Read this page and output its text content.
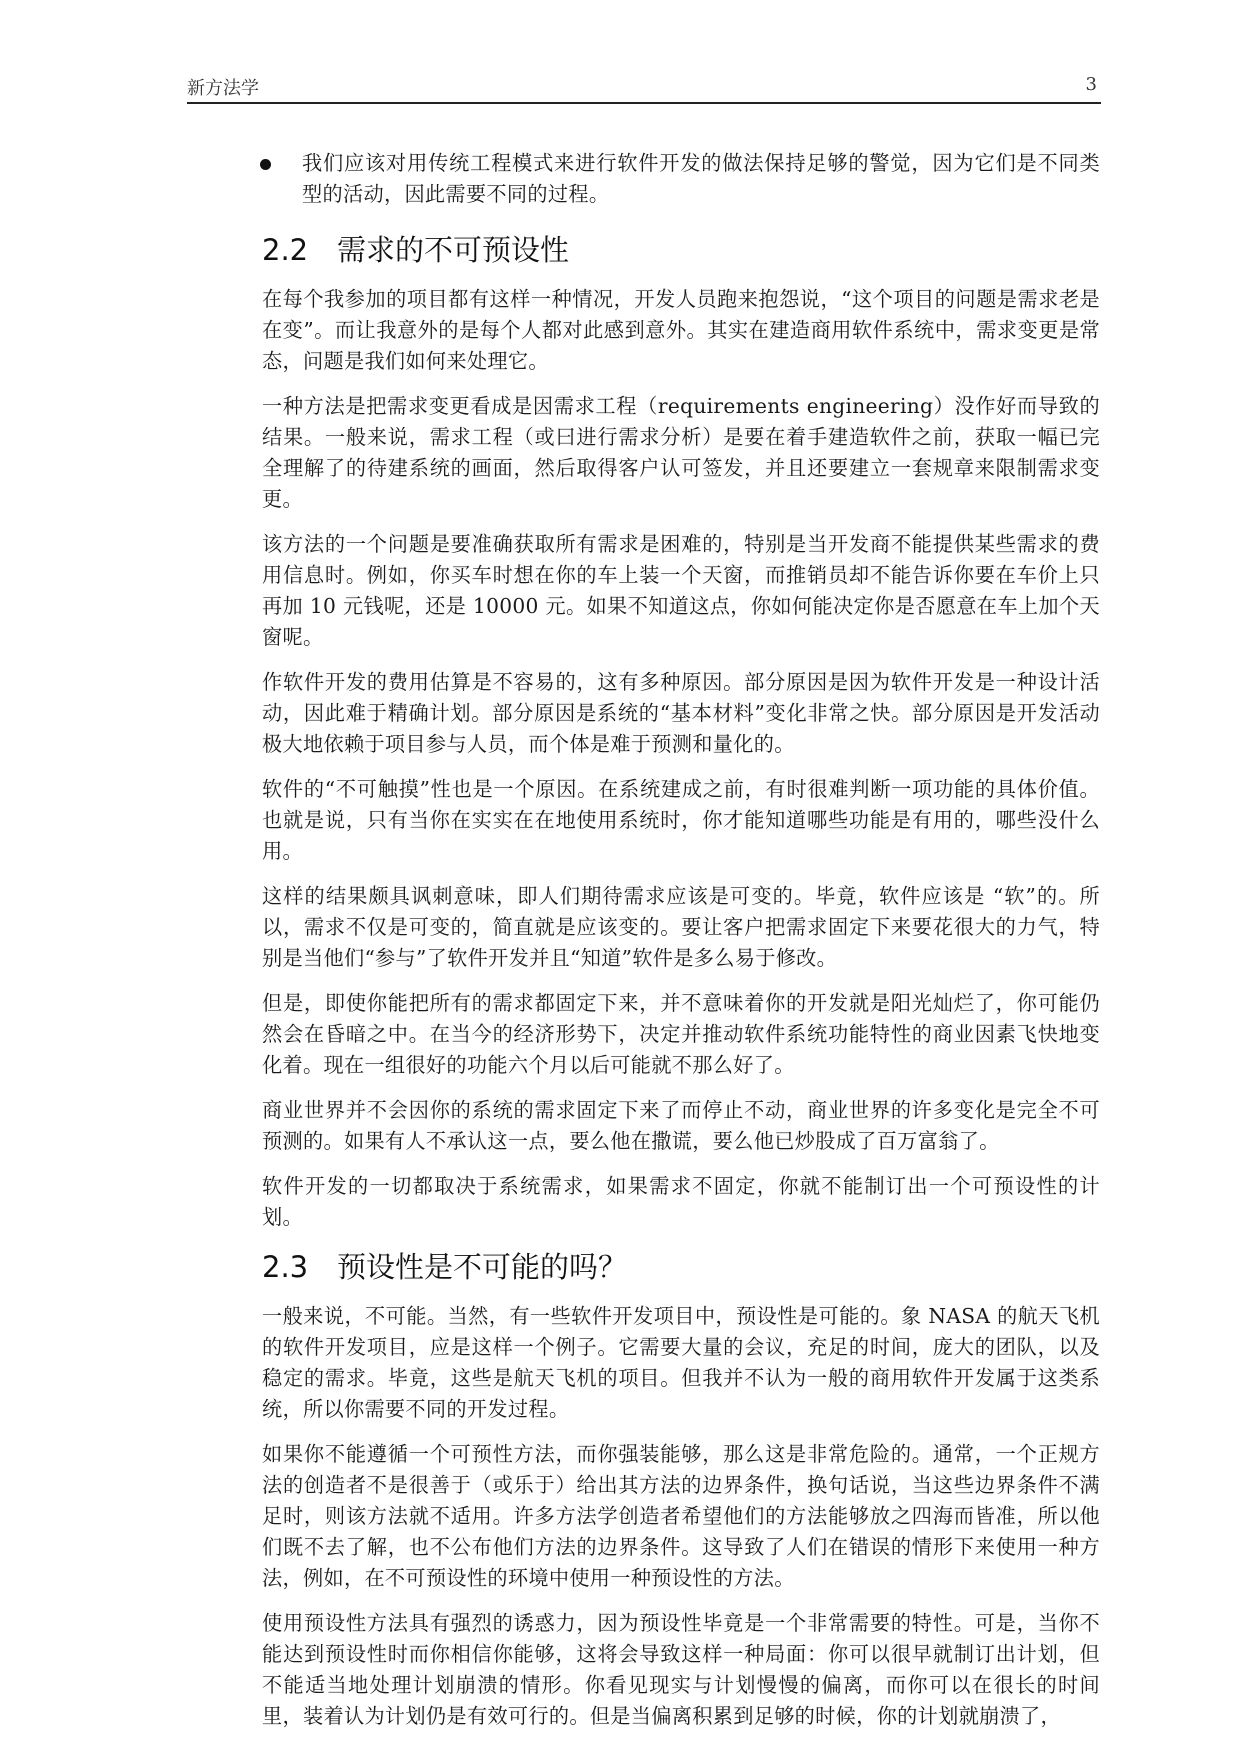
新方法学	3
我们应该对用传统工程模式来进行软件开发的做法保持足够的警觉，因为它们是不同类型的活动，因此需要不同的过程。
2.2 需求的不可预设性

在每个我参加的项目都有这样一种情况，开发人员跑来抱怨说，“这个项目的问题是需求老是在变”。而让我意外的是每个人都对此感到意外。其实在建造商用软件系统中，需求变更是常态，问题是我们如何来处理它。

一种方法是把需求变更看成是因需求工程（requirements engineering）没作好而导致的结果。一般来说，需求工程（或曰进行需求分析）是要在着手建造软件之前，获取一幅已完全理解了的待建系统的画面，然后取得客户认可签发，并且还要建立一套规章来限制需求变更。

该方法的一个问题是要准确获取所有需求是困难的，特别是当开发商不能提供某些需求的费用信息时。例如，你买车时想在你的车上装一个天窗，而推销员却不能告诉你要在车价上只再加 10 元钱呢，还是 10000 元。如果不知道这点，你如何能决定你是否愿意在车上加个天窗呢。

作软件开发的费用估算是不容易的，这有多种原因。部分原因是因为软件开发是一种设计活动，因此难于精确计划。部分原因是系统的“基本材料”变化非常之快。部分原因是开发活动极大地依赖于项目参与人员，而个体是难于预测和量化的。

软件的“不可触摸”性也是一个原因。在系统建成之前，有时很难判断一项功能的具体价值。也就是说，只有当你在实实在在地使用系统时，你才能知道哪些功能是有用的，哪些没什么用。

这样的结果颇具讽刺意味，即人们期待需求应该是可变的。毕竟，软件应该是 “软”的。所以，需求不仅是可变的，简直就是应该变的。要让客户把需求固定下来要花很大的力气，特别是当他们“参与”了软件开发并且“知道”软件是多么易于修改。

但是，即使你能把所有的需求都固定下来，并不意味着你的开发就是阳光灿烂了，你可能仍然会在昏暗之中。在当今的经济形势下，决定并推动软件系统功能特性的商业因素飞快地变化着。现在一组很好的功能六个月以后可能就不那么好了。

商业世界并不会因你的系统的需求固定下来了而停止不动，商业世界的许多变化是完全不可预测的。如果有人不承认这一点，要么他在撒谎，要么他已炒股成了百万富翁了。

软件开发的一切都取决于系统需求，如果需求不固定，你就不能制订出一个可预设性的计划。

2.3 预设性是不可能的吗？

一般来说，不可能。当然，有一些软件开发项目中，预设性是可能的。象 NASA 的航天飞机的软件开发项目，应是这样一个例子。它需要大量的会议，充足的时间，庞大的团队，以及稳定的需求。毕竟，这些是航天飞机的项目。但我并不认为一般的商用软件开发属于这类系统，所以你需要不同的开发过程。

如果你不能遵循一个可预性方法，而你强装能够，那么这是非常危险的。通常，一个正规方法的创造者不是很善于（或乐于）给出其方法的边界条件，换句话说，当这些边界条件不满足时，则该方法就不适用。许多方法学创造者希望他们的方法能够放之四海而皆准，所以他们既不去了解，也不公布他们方法的边界条件。这导致了人们在错误的情形下来使用一种方法，例如，在不可预设性的环境中使用一种预设性的方法。

使用预设性方法具有强烈的诱惑力，因为预设性毕竟是一个非常需要的特性。可是，当你不能达到预设性时而你相信你能够，这将会导致这样一种局面：你可以很早就制订出计划，但不能适当地处理计划崩溃的情形。你看见现实与计划慢慢的偏离，而你可以在很长的时间里，装着认为计划仍是有效可行的。但是当偏离积累到足够的时候，你的计划就崩溃了，
